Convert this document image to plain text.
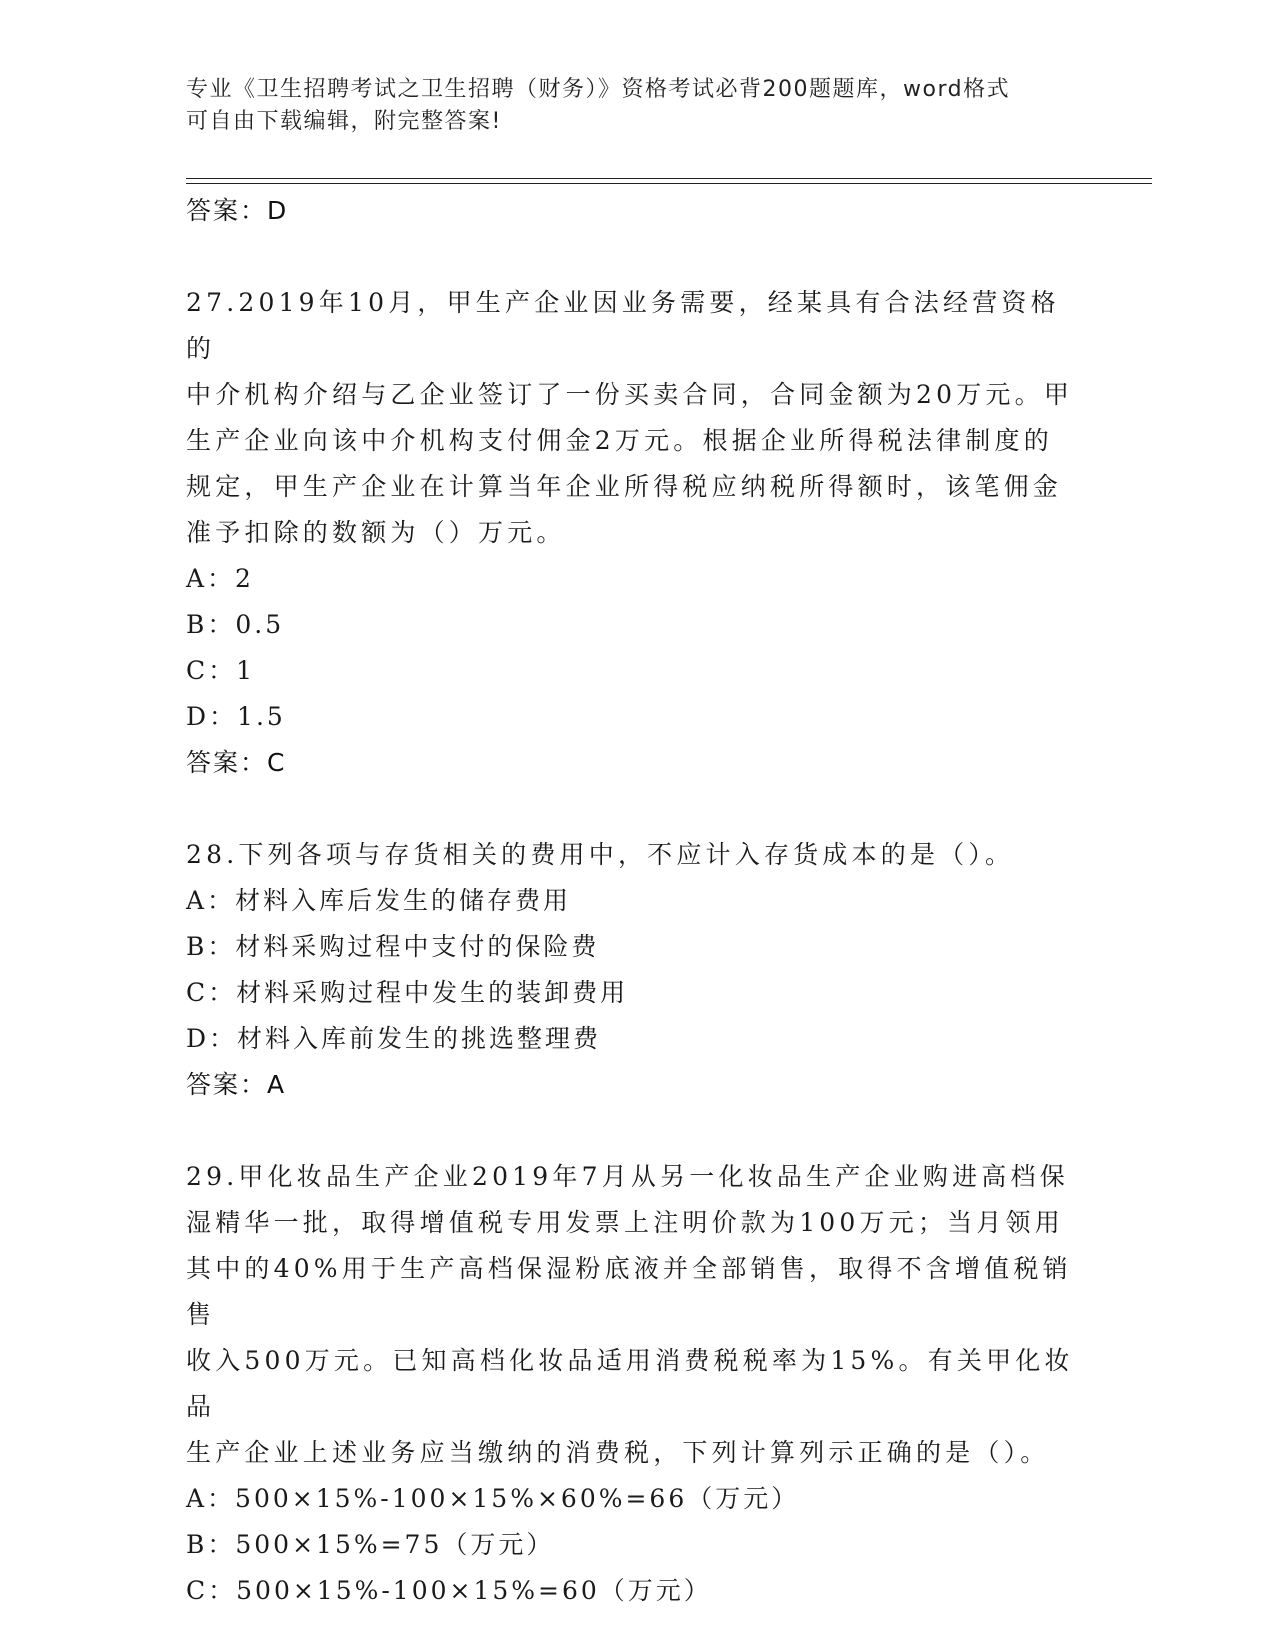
专业《卫生招聘考试之卫生招聘（财务）》资格考试必背200题题库，word格式
可自由下载编辑，附完整答案!
答案：D
27.2019年10月，甲生产企业因业务需要，经某具有合法经营资格的
中介机构介绍与乙企业签订了一份买卖合同，合同金额为20万元。甲
生产企业向该中介机构支付佣金2万元。根据企业所得税法律制度的
规定，甲生产企业在计算当年企业所得税应纳税所得额时，该笔佣金
准予扣除的数额为（）万元。
A：2
B：0.5
C：1
D：1.5
答案：C
28.下列各项与存货相关的费用中，不应计入存货成本的是（）。
A：材料入库后发生的储存费用
B：材料采购过程中支付的保险费
C：材料采购过程中发生的装卸费用
D：材料入库前发生的挑选整理费
答案：A
29.甲化妆品生产企业2019年7月从另一化妆品生产企业购进高档保
湿精华一批，取得增值税专用发票上注明价款为100万元；当月领用
其中的40%用于生产高档保湿粉底液并全部销售，取得不含增值税销售
收入500万元。已知高档化妆品适用消费税税率为15%。有关甲化妆品
生产企业上述业务应当缴纳的消费税，下列计算列示正确的是（）。
A：500×15%-100×15%×60%=66（万元）
B：500×15%=75（万元）
C：500×15%-100×15%=60（万元）
